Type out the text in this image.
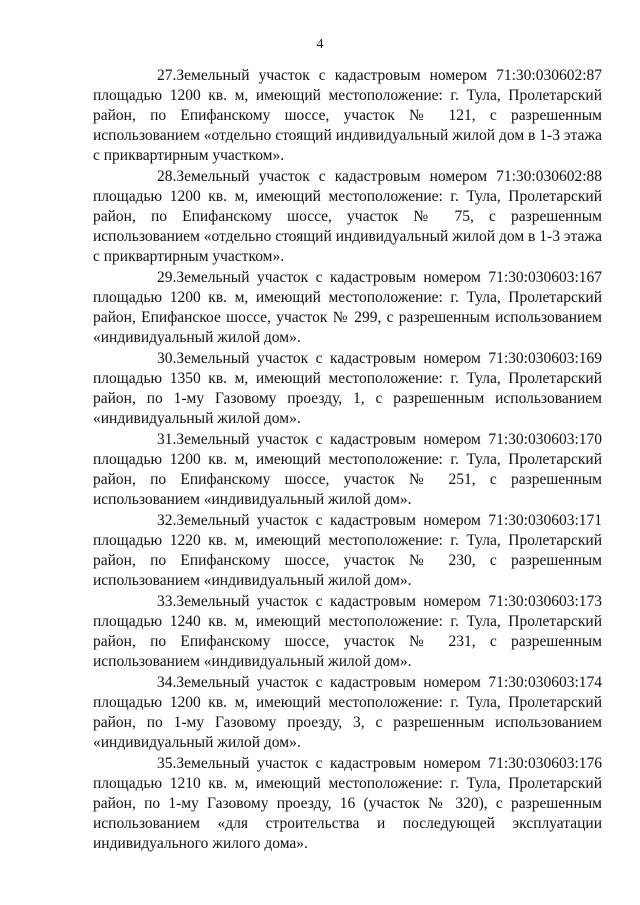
4

27.Земельный участок с кадастровым номером 71:30:030602:87 площадью 1200 кв. м, имеющий местоположение: г. Тула, Пролетарский район, по Епифанскому шоссе, участок № 121, с разрешенным использованием «отдельно стоящий индивидуальный жилой дом в 1-3 этажа с приквартирным участком».

28.Земельный участок с кадастровым номером 71:30:030602:88 площадью 1200 кв. м, имеющий местоположение: г. Тула, Пролетарский район, по Епифанскому шоссе, участок № 75, с разрешенным использованием «отдельно стоящий индивидуальный жилой дом в 1-3 этажа с приквартирным участком».

29.Земельный участок с кадастровым номером 71:30:030603:167 площадью 1200 кв. м, имеющий местоположение: г. Тула, Пролетарский район, Епифанское шоссе, участок № 299, с разрешенным использованием «индивидуальный жилой дом».

30.Земельный участок с кадастровым номером 71:30:030603:169 площадью 1350 кв. м, имеющий местоположение: г. Тула, Пролетарский район, по 1-му Газовому проезду, 1, с разрешенным использованием «индивидуальный жилой дом».

31.Земельный участок с кадастровым номером 71:30:030603:170 площадью 1200 кв. м, имеющий местоположение: г. Тула, Пролетарский район, по Епифанскому шоссе, участок № 251, с разрешенным использованием «индивидуальный жилой дом».

32.Земельный участок с кадастровым номером 71:30:030603:171 площадью 1220 кв. м, имеющий местоположение: г. Тула, Пролетарский район, по Епифанскому шоссе, участок № 230, с разрешенным использованием «индивидуальный жилой дом».

33.Земельный участок с кадастровым номером 71:30:030603:173 площадью 1240 кв. м, имеющий местоположение: г. Тула, Пролетарский район, по Епифанскому шоссе, участок № 231, с разрешенным использованием «индивидуальный жилой дом».

34.Земельный участок с кадастровым номером 71:30:030603:174 площадью 1200 кв. м, имеющий местоположение: г. Тула, Пролетарский район, по 1-му Газовому проезду, 3, с разрешенным использованием «индивидуальный жилой дом».

35.Земельный участок с кадастровым номером 71:30:030603:176 площадью 1210 кв. м, имеющий местоположение: г. Тула, Пролетарский район, по 1-му Газовому проезду, 16 (участок № 320), с разрешенным использованием «для строительства и последующей эксплуатации индивидуального жилого дома».
